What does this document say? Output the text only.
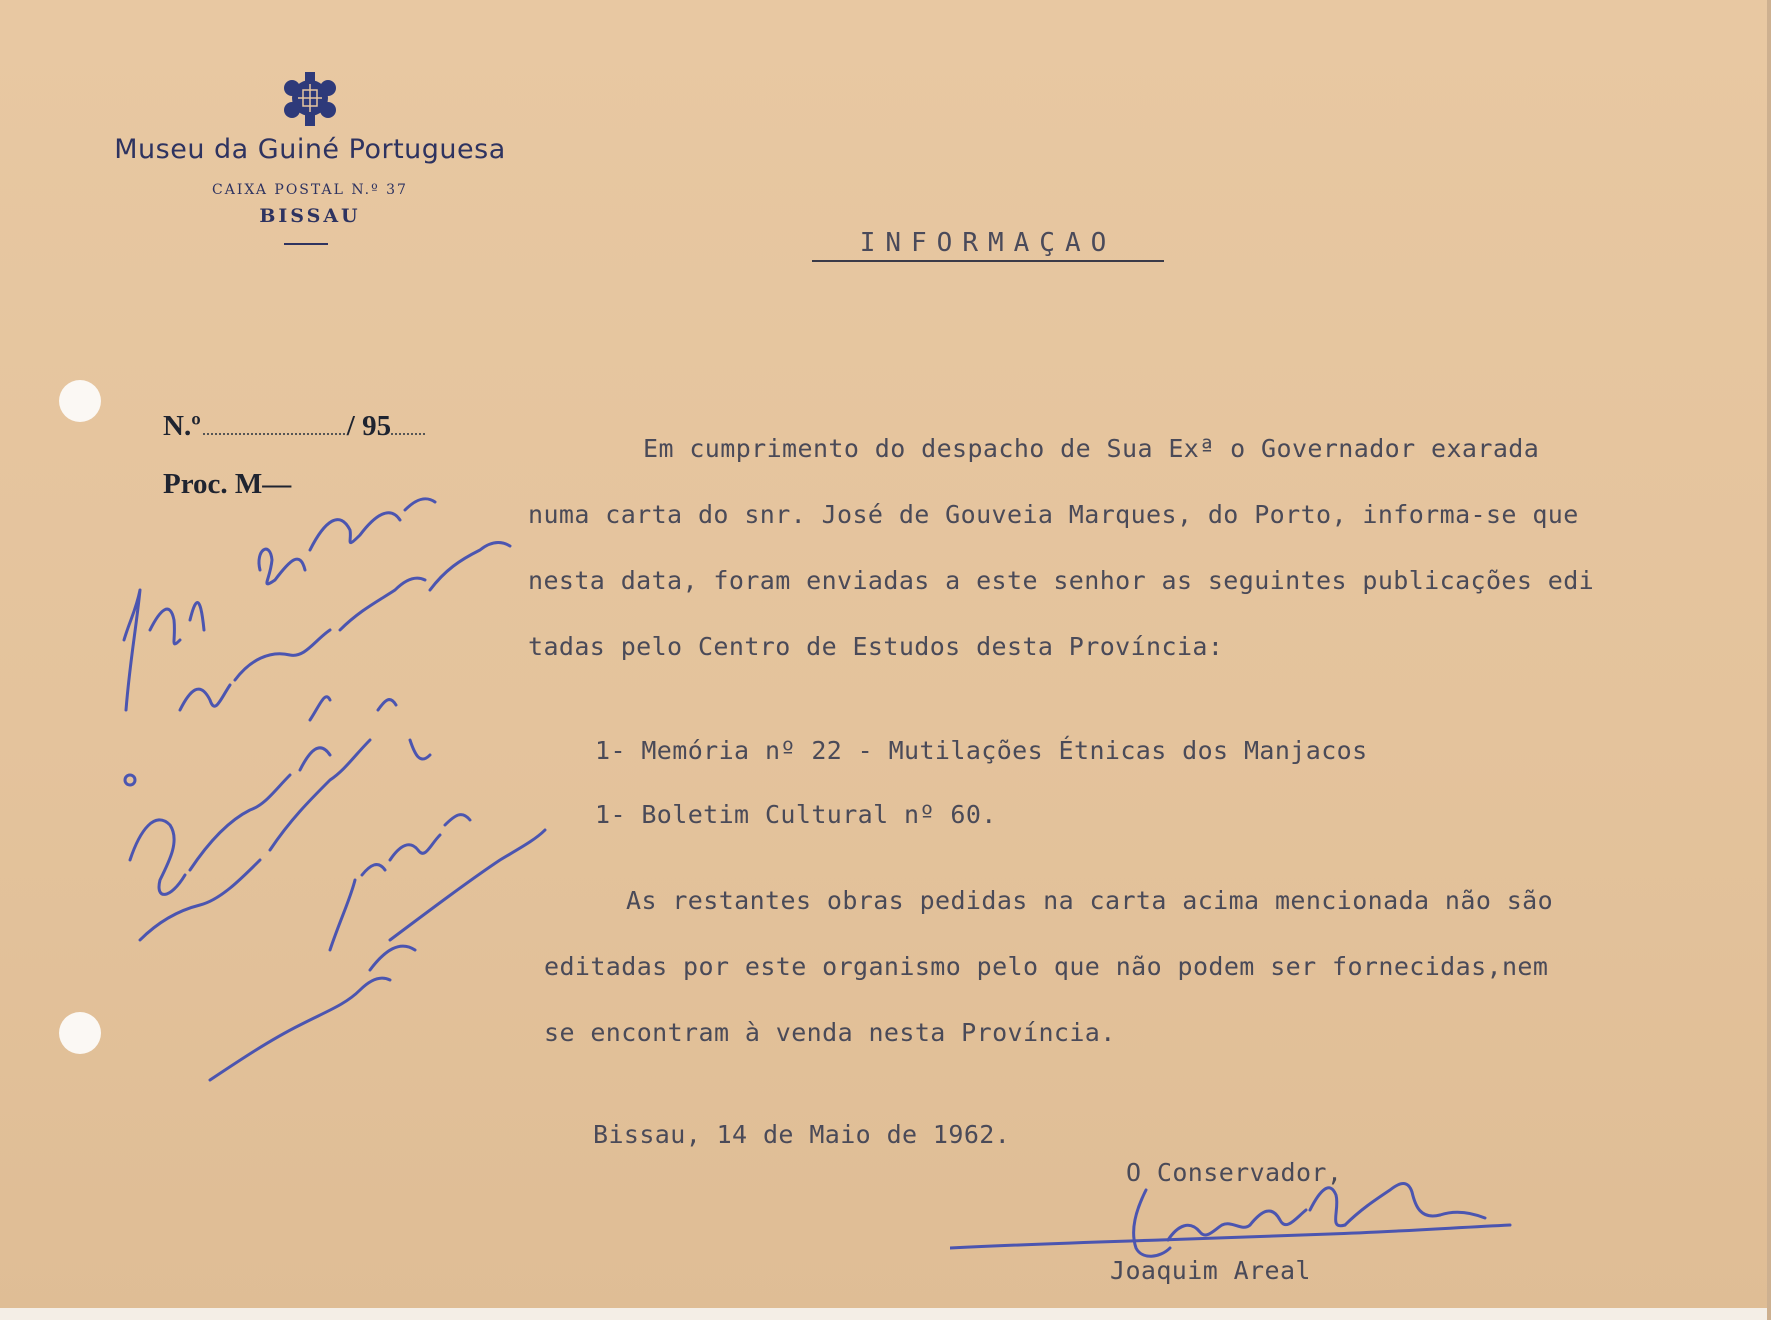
Museu da Guiné Portuguesa
CAIXA POSTAL N.º 37
BISSAU
INFORMAÇAO
N.º	/ 95
Proc. M—
Em cumprimento do despacho de Sua Exª o Governador exarada
numa carta do snr. José de Gouveia Marques, do Porto, informa-se que
nesta data, foram enviadas a este senhor as seguintes publicações edi
tadas pelo Centro de Estudos desta Província:
1- Memória nº 22 - Mutilações Étnicas dos Manjacos
1- Boletim Cultural nº 60.
As restantes obras pedidas na carta acima mencionada não são
editadas por este organismo pelo que não podem ser fornecidas,nem
se encontram à venda nesta Província.
Bissau, 14 de Maio de 1962.
O Conservador,
Joaquim Areal
